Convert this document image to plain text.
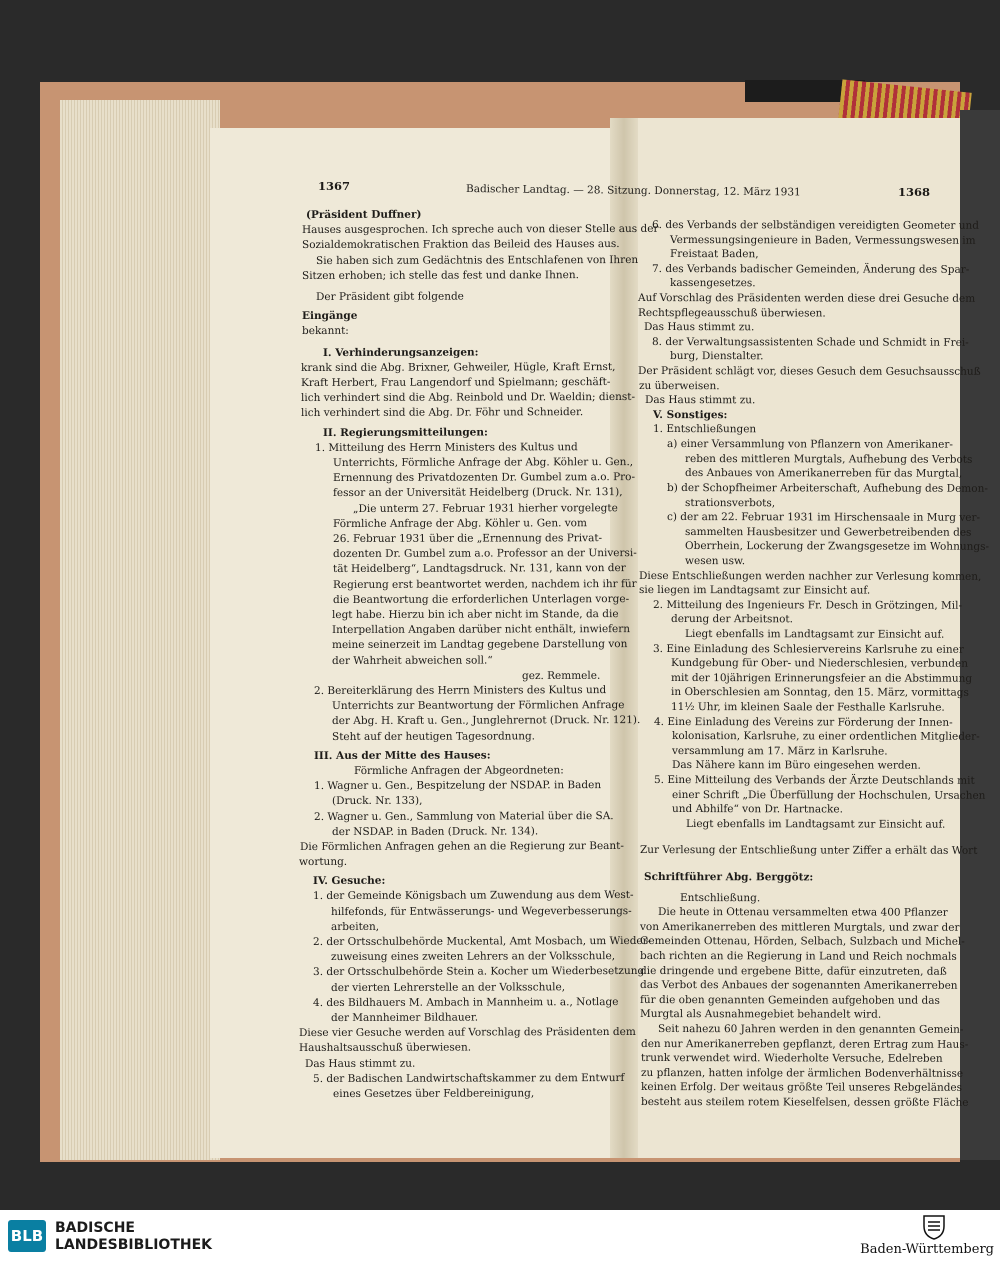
1367	Badischer Landtag. — 28. Sitzung. Donnerstag, 12. März 1931	1368
(Präsident Duffner)
Hauses ausgesprochen. Ich spreche auch von dieser Stelle aus der
Sozialdemokratischen Fraktion das Beileid des Hauses aus.
Sie haben sich zum Gedächtnis des Entschlafenen von Ihren
Sitzen erhoben; ich stelle das fest und danke Ihnen.
Der Präsident gibt folgende
Eingänge
bekannt:
I. Verhinderungsanzeigen:
krank sind die Abg. Brixner, Gehweiler, Hügle, Kraft Ernst,
Kraft Herbert, Frau Langendorf und Spielmann; geschäft-
lich verhindert sind die Abg. Reinbold und Dr. Waeldin; dienst-
lich verhindert sind die Abg. Dr. Föhr und Schneider.
II. Regierungsmitteilungen:
1. Mitteilung des Herrn Ministers des Kultus und
Unterrichts, Förmliche Anfrage der Abg. Köhler u. Gen.,
Ernennung des Privatdozenten Dr. Gumbel zum a.o. Pro-
fessor an der Universität Heidelberg (Druck. Nr. 131),
„Die unterm 27. Februar 1931 hierher vorgelegte
Förmliche Anfrage der Abg. Köhler u. Gen. vom
26. Februar 1931 über die „Ernennung des Privat-
dozenten Dr. Gumbel zum a.o. Professor an der Universi-
tät Heidelberg“, Landtagsdruck. Nr. 131, kann von der
Regierung erst beantwortet werden, nachdem ich ihr für
die Beantwortung die erforderlichen Unterlagen vorge-
legt habe. Hierzu bin ich aber nicht im Stande, da die
Interpellation Angaben darüber nicht enthält, inwiefern
meine seinerzeit im Landtag gegebene Darstellung von
der Wahrheit abweichen soll.“
gez. Remmele.
2. Bereiterklärung des Herrn Ministers des Kultus und
Unterrichts zur Beantwortung der Förmlichen Anfrage
der Abg. H. Kraft u. Gen., Junglehrernot (Druck. Nr. 121).
Steht auf der heutigen Tagesordnung.
III. Aus der Mitte des Hauses:
Förmliche Anfragen der Abgeordneten:
1. Wagner u. Gen., Bespitzelung der NSDAP. in Baden
(Druck. Nr. 133),
2. Wagner u. Gen., Sammlung von Material über die SA.
der NSDAP. in Baden (Druck. Nr. 134).
Die Förmlichen Anfragen gehen an die Regierung zur Beant-
wortung.
IV. Gesuche:
1. der Gemeinde Königsbach um Zuwendung aus dem West-
hilfefonds, für Entwässerungs- und Wegeverbesserungs-
arbeiten,
2. der Ortsschulbehörde Muckental, Amt Mosbach, um Wieder-
zuweisung eines zweiten Lehrers an der Volksschule,
3. der Ortsschulbehörde Stein a. Kocher um Wiederbesetzung
der vierten Lehrerstelle an der Volksschule,
4. des Bildhauers M. Ambach in Mannheim u. a., Notlage
der Mannheimer Bildhauer.
Diese vier Gesuche werden auf Vorschlag des Präsidenten dem
Haushaltsausschuß überwiesen.
Das Haus stimmt zu.
5. der Badischen Landwirtschaftskammer zu dem Entwurf
eines Gesetzes über Feldbereinigung,
6. des Verbands der selbständigen vereidigten Geometer und
Vermessungsingenieure in Baden, Vermessungswesen im
Freistaat Baden,
7. des Verbands badischer Gemeinden, Änderung des Spar-
kassengesetzes.
Auf Vorschlag des Präsidenten werden diese drei Gesuche dem
Rechtspflegeausschuß überwiesen.
Das Haus stimmt zu.
8. der Verwaltungsassistenten Schade und Schmidt in Frei-
burg, Dienstalter.
Der Präsident schlägt vor, dieses Gesuch dem Gesuchsausschuß
zu überweisen.
Das Haus stimmt zu.
V. Sonstiges:
1. Entschließungen
a) einer Versammlung von Pflanzern von Amerikaner-
reben des mittleren Murgtals, Aufhebung des Verbots
des Anbaues von Amerikanerreben für das Murgtal,
b) der Schopfheimer Arbeiterschaft, Aufhebung des Demon-
strationsverbots,
c) der am 22. Februar 1931 im Hirschensaale in Murg ver-
sammelten Hausbesitzer und Gewerbetreibenden des
Oberrhein, Lockerung der Zwangsgesetze im Wohnungs-
wesen usw.
Diese Entschließungen werden nachher zur Verlesung kommen,
sie liegen im Landtagsamt zur Einsicht auf.
2. Mitteilung des Ingenieurs Fr. Desch in Grötzingen, Mil-
derung der Arbeitsnot.
Liegt ebenfalls im Landtagsamt zur Einsicht auf.
3. Eine Einladung des Schlesiervereins Karlsruhe zu einer
Kundgebung für Ober- und Niederschlesien, verbunden
mit der 10jährigen Erinnerungsfeier an die Abstimmung
in Oberschlesien am Sonntag, den 15. März, vormittags
11½ Uhr, im kleinen Saale der Festhalle Karlsruhe.
4. Eine Einladung des Vereins zur Förderung der Innen-
kolonisation, Karlsruhe, zu einer ordentlichen Mitglieder-
versammlung am 17. März in Karlsruhe.
Das Nähere kann im Büro eingesehen werden.
5. Eine Mitteilung des Verbands der Ärzte Deutschlands mit
einer Schrift „Die Überfüllung der Hochschulen, Ursachen
und Abhilfe“ von Dr. Hartnacke.
Liegt ebenfalls im Landtagsamt zur Einsicht auf.
Zur Verlesung der Entschließung unter Ziffer a erhält das Wort
Schriftführer Abg. Berggötz:
Entschließung.
Die heute in Ottenau versammelten etwa 400 Pflanzer
von Amerikanerreben des mittleren Murgtals, und zwar der
Gemeinden Ottenau, Hörden, Selbach, Sulzbach und Michel-
bach richten an die Regierung in Land und Reich nochmals
die dringende und ergebene Bitte, dafür einzutreten, daß
das Verbot des Anbaues der sogenannten Amerikanerreben
für die oben genannten Gemeinden aufgehoben und das
Murgtal als Ausnahmegebiet behandelt wird.
Seit nahezu 60 Jahren werden in den genannten Gemein-
den nur Amerikanerreben gepflanzt, deren Ertrag zum Haus-
trunk verwendet wird. Wiederholte Versuche, Edelreben
zu pflanzen, hatten infolge der ärmlichen Bodenverhältnisse
keinen Erfolg. Der weitaus größte Teil unseres Rebgeländes
besteht aus steilem rotem Kieselfelsen, dessen größte Fläche
BLB BADISCHE
LANDESBIBLIOTHEK	Baden-Württemberg
